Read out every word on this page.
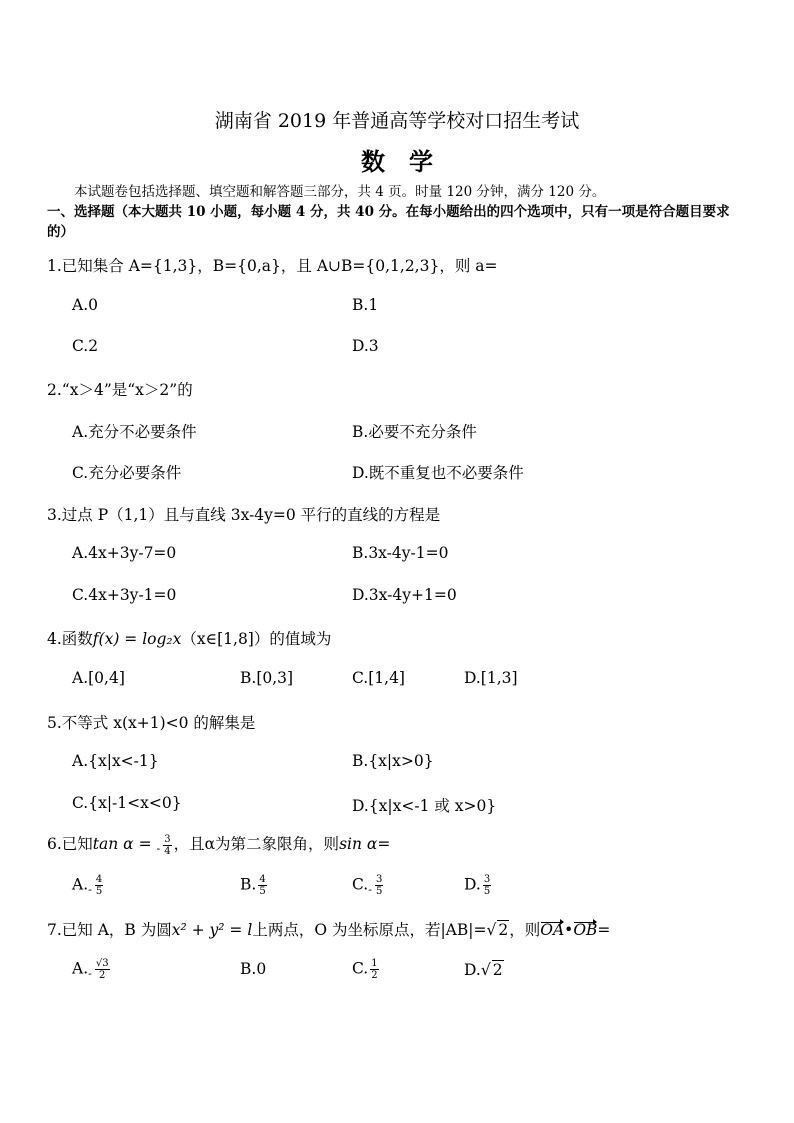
湖南省 2019 年普通高等学校对口招生考试
数学
本试题卷包括选择题、填空题和解答题三部分，共 4 页。时量 120 分钟，满分 120 分。
一、选择题（本大题共 10 小题，每小题 4 分，共 40 分。在每小题给出的四个选项中，只有一项是符合题目要求的）
1.已知集合 A={1,3}，B={0,a}，且 A∪B={0,1,2,3}，则 a=
A.0	B.1
C.2	D.3
2.“x＞4”是“x＞2”的
A.充分不必要条件	B.必要不充分条件
C.充分必要条件	D.既不重复也不必要条件
3.过点 P（1,1）且与直线 3x-4y=0 平行的直线的方程是
A.4x+3y-7=0	B.3x-4y-1=0
C.4x+3y-1=0	D.3x-4y+1=0
4.函数f(x) = log₂x（x∈[1,8]）的值域为
A.[0,4]	B.[0,3]	C.[1,4]	D.[1,3]
5.不等式 x(x+1)<0 的解集是
A.{x|x<-1}	B.{x|x>0}
C.{x|-1<x<0}	D.{x|x<-1 或 x>0}
6.已知tan α = - $\frac{3}{4}$ ，且α为第二象限角，则sin α=
$A.- \frac{4}{5}$	B. $\frac{4}{5}$	$C.- \frac{3}{5}$	D. $\frac{3}{5}$
7.已知 A，B 为圆x² + y² = l上两点，O 为坐标原点，若|AB|=√ 2，则OA•OB=
$A.- \frac{√3}{2}$	B.0	C. $\frac{1}{2}$	D.√ 2
